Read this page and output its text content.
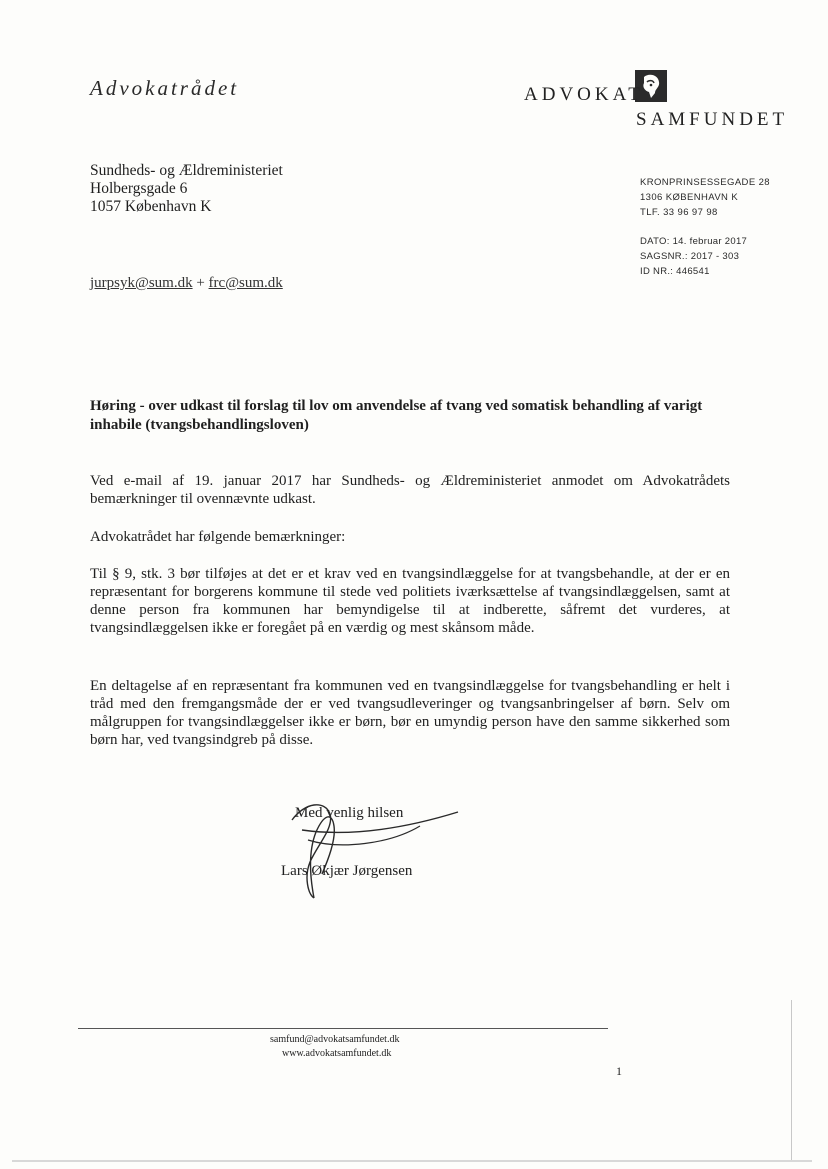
Advokatrådet	ADVOKAT
SAMFUNDET
Sundheds- og Ældreministeriet
Holbergsgade 6
1057 København K
KRONPRINSESSEGADE 28
1306 KØBENHAVN K
TLF. 33 96 97 98
DATO: 14. februar 2017
SAGSNR.: 2017 - 303
ID NR.: 446541
jurpsyk@sum.dk + frc@sum.dk
Høring - over udkast til forslag til lov om anvendelse af tvang ved somatisk behandling af varigt inhabile (tvangsbehandlingsloven)
Ved e-mail af 19. januar 2017 har Sundheds- og Ældreministeriet anmodet om Advokatrådets bemærkninger til ovennævnte udkast.
Advokatrådet har følgende bemærkninger:
Til § 9, stk. 3 bør tilføjes at det er et krav ved en tvangsindlæggelse for at tvangsbehandle, at der er en repræsentant for borgerens kommune til stede ved politiets iværksættelse af tvangsindlæggelsen, samt at denne person fra kommunen har bemyndigelse til at indberette, såfremt det vurderes, at tvangsindlæggelsen ikke er foregået på en værdig og mest skånsom måde.
En deltagelse af en repræsentant fra kommunen ved en tvangsindlæggelse for tvangsbehandling er helt i tråd med den fremgangsmåde der er ved tvangsudleveringer og tvangsanbringelser af børn. Selv om målgruppen for tvangsindlæggelser ikke er børn, bør en umyndig person have den samme sikkerhed som børn har, ved tvangsindgreb på disse.
Med venlig hilsen
Lars Økjær Jørgensen
samfund@advokatsamfundet.dk
www.advokatsamfundet.dk
1
